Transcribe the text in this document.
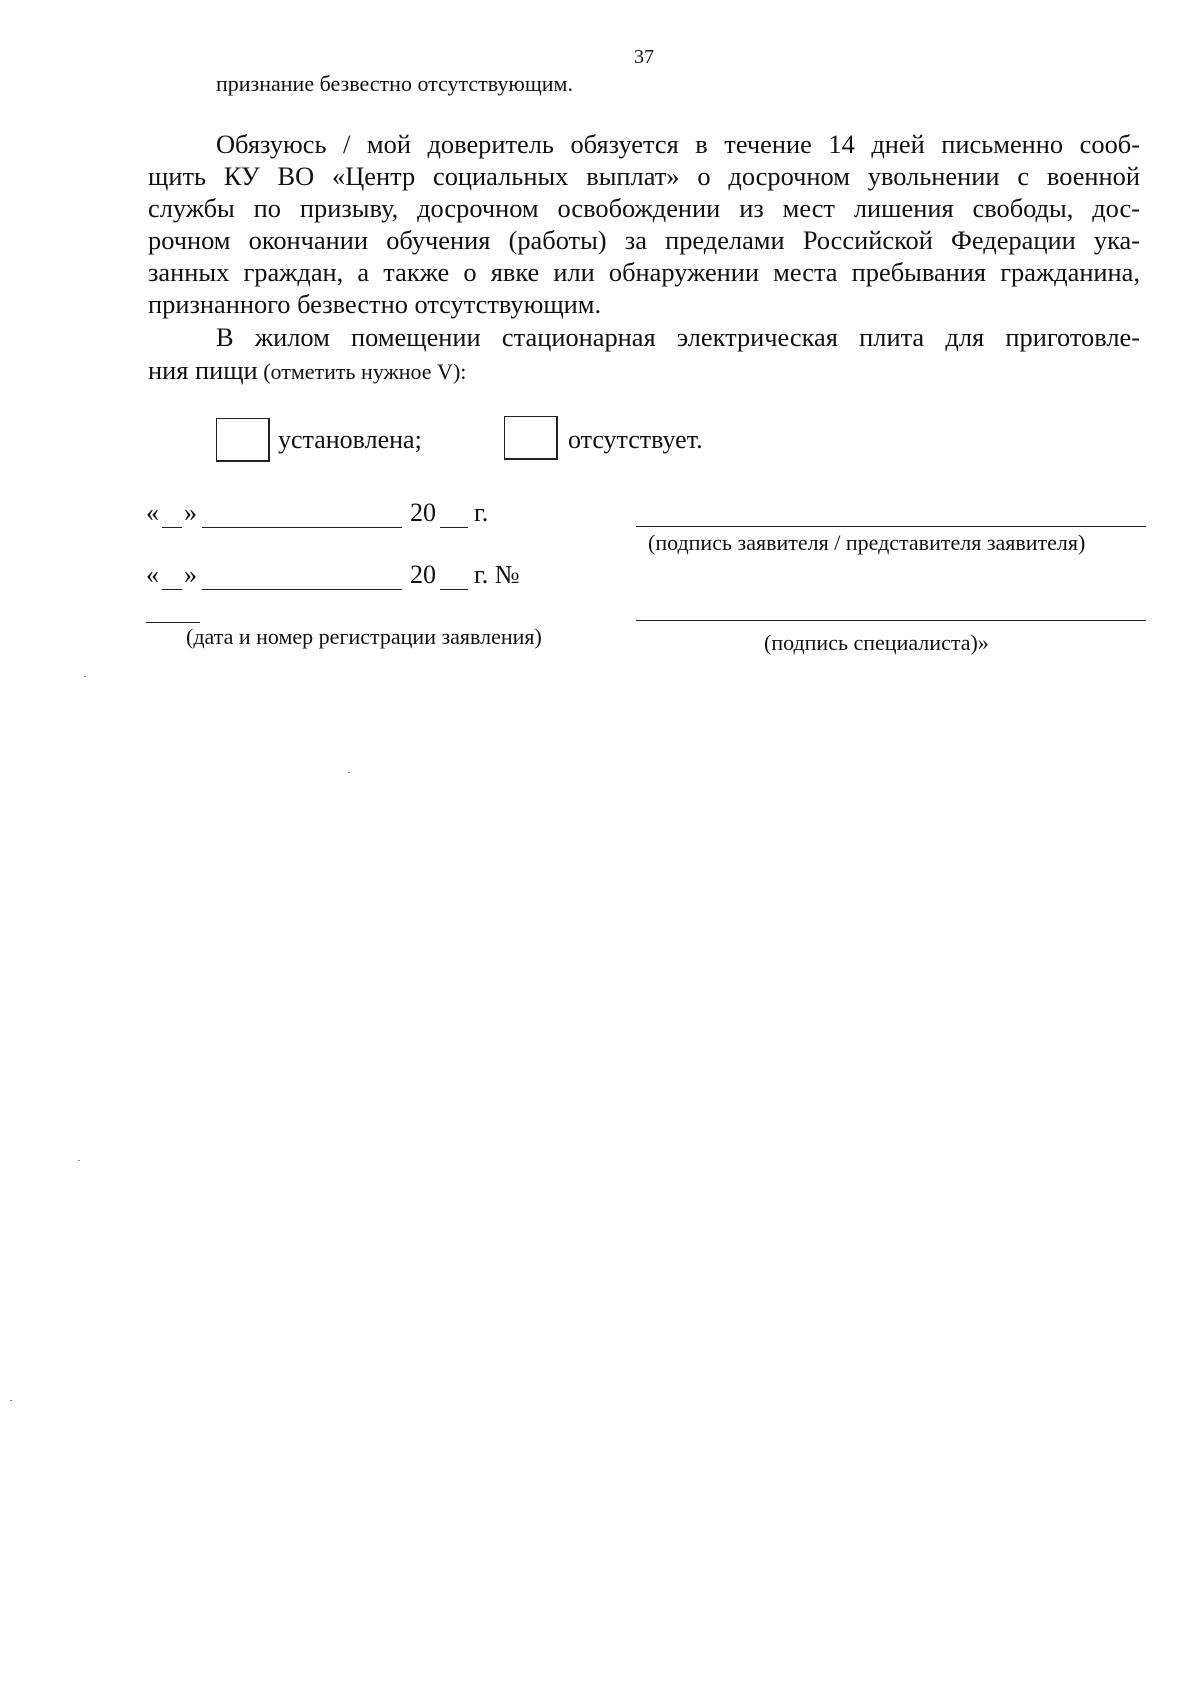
37
признание безвестно отсутствующим.
Обязуюсь / мой доверитель обязуется в течение 14 дней письменно сооб-
щить КУ ВО «Центр социальных выплат» о досрочном увольнении с военной
службы по призыву, досрочном освобождении из мест лишения свободы, дос-
рочном окончании обучения (работы) за пределами Российской Федерации ука-
занных граждан, а также о явке или обнаружении места пребывания гражданина,
признанного безвестно отсутствующим.
В жилом помещении стационарная электрическая плита для приготовле-
ния пищи (отметить нужное V):
установлена;	отсутствует.
« »	20 г.
(подпись заявителя / представителя заявителя)
« »	20 г. №
(дата и номер регистрации заявления)	(подпись специалиста)»
